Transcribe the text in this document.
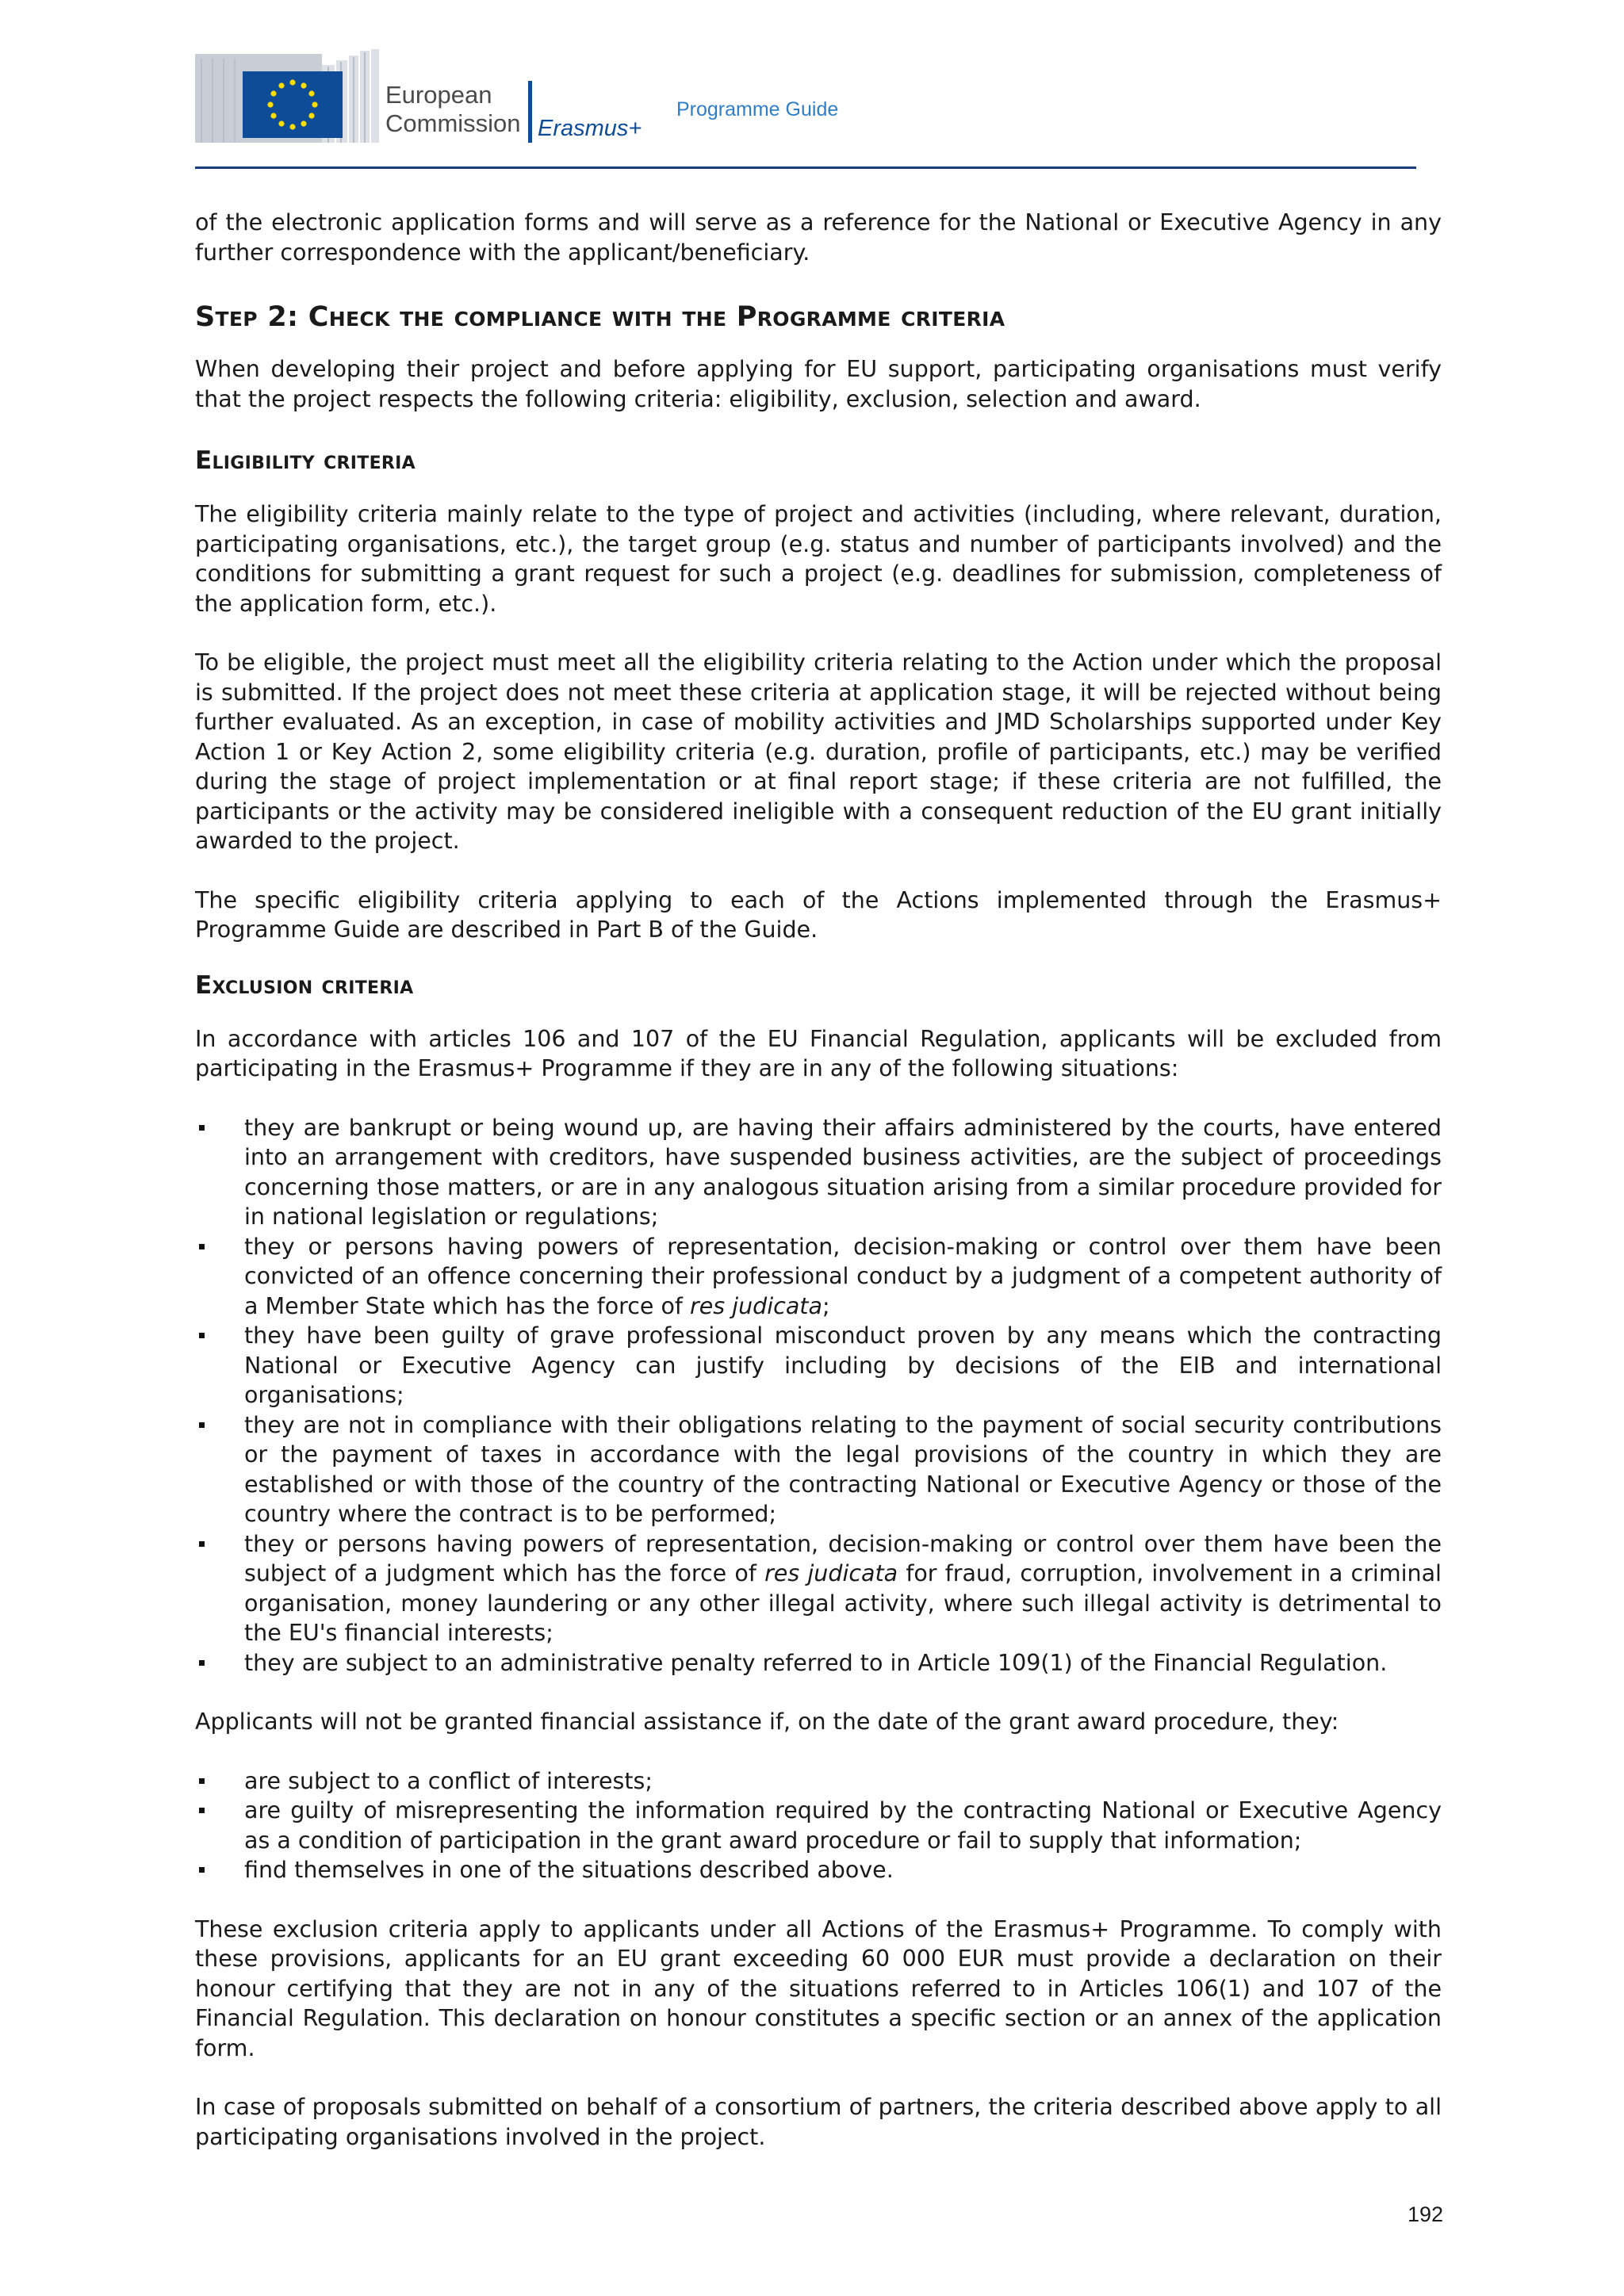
European
Commission Erasmus+
Programme Guide

of the electronic application forms and will serve as a reference for the National or Executive Agency in any further correspondence with the applicant/beneficiary.

Step 2: Check the compliance with the Programme criteria

When developing their project and before applying for EU support, participating organisations must verify that the project respects the following criteria: eligibility, exclusion, selection and award.

Eligibility criteria

The eligibility criteria mainly relate to the type of project and activities (including, where relevant, duration, participating organisations, etc.), the target group (e.g. status and number of participants involved) and the conditions for submitting a grant request for such a project (e.g. deadlines for submission, completeness of the application form, etc.).

To be eligible, the project must meet all the eligibility criteria relating to the Action under which the proposal is submitted. If the project does not meet these criteria at application stage, it will be rejected without being further evaluated. As an exception, in case of mobility activities and JMD Scholarships supported under Key Action 1 or Key Action 2, some eligibility criteria (e.g. duration, profile of participants, etc.) may be verified during the stage of project implementation or at final report stage; if these criteria are not fulfilled, the participants or the activity may be considered ineligible with a consequent reduction of the EU grant initially awarded to the project.

The specific eligibility criteria applying to each of the Actions implemented through the Erasmus+ Programme Guide are described in Part B of the Guide.

Exclusion criteria

In accordance with articles 106 and 107 of the EU Financial Regulation, applicants will be excluded from participating in the Erasmus+ Programme if they are in any of the following situations:

they are bankrupt or being wound up, are having their affairs administered by the courts, have entered into an arrangement with creditors, have suspended business activities, are the subject of proceedings concerning those matters, or are in any analogous situation arising from a similar procedure provided for in national legislation or regulations;
they or persons having powers of representation, decision-making or control over them have been convicted of an offence concerning their professional conduct by a judgment of a competent authority of a Member State which has the force of res judicata;
they have been guilty of grave professional misconduct proven by any means which the contracting National or Executive Agency can justify including by decisions of the EIB and international organisations;
they are not in compliance with their obligations relating to the payment of social security contributions or the payment of taxes in accordance with the legal provisions of the country in which they are established or with those of the country of the contracting National or Executive Agency or those of the country where the contract is to be performed;
they or persons having powers of representation, decision-making or control over them have been the subject of a judgment which has the force of res judicata for fraud, corruption, involvement in a criminal organisation, money laundering or any other illegal activity, where such illegal activity is detrimental to the EU's financial interests;
they are subject to an administrative penalty referred to in Article 109(1) of the Financial Regulation.

Applicants will not be granted financial assistance if, on the date of the grant award procedure, they:

are subject to a conflict of interests;
are guilty of misrepresenting the information required by the contracting National or Executive Agency as a condition of participation in the grant award procedure or fail to supply that information;
find themselves in one of the situations described above.

These exclusion criteria apply to applicants under all Actions of the Erasmus+ Programme. To comply with these provisions, applicants for an EU grant exceeding 60 000 EUR must provide a declaration on their honour certifying that they are not in any of the situations referred to in Articles 106(1) and 107 of the Financial Regulation. This declaration on honour constitutes a specific section or an annex of the application form.

In case of proposals submitted on behalf of a consortium of partners, the criteria described above apply to all participating organisations involved in the project.

192
